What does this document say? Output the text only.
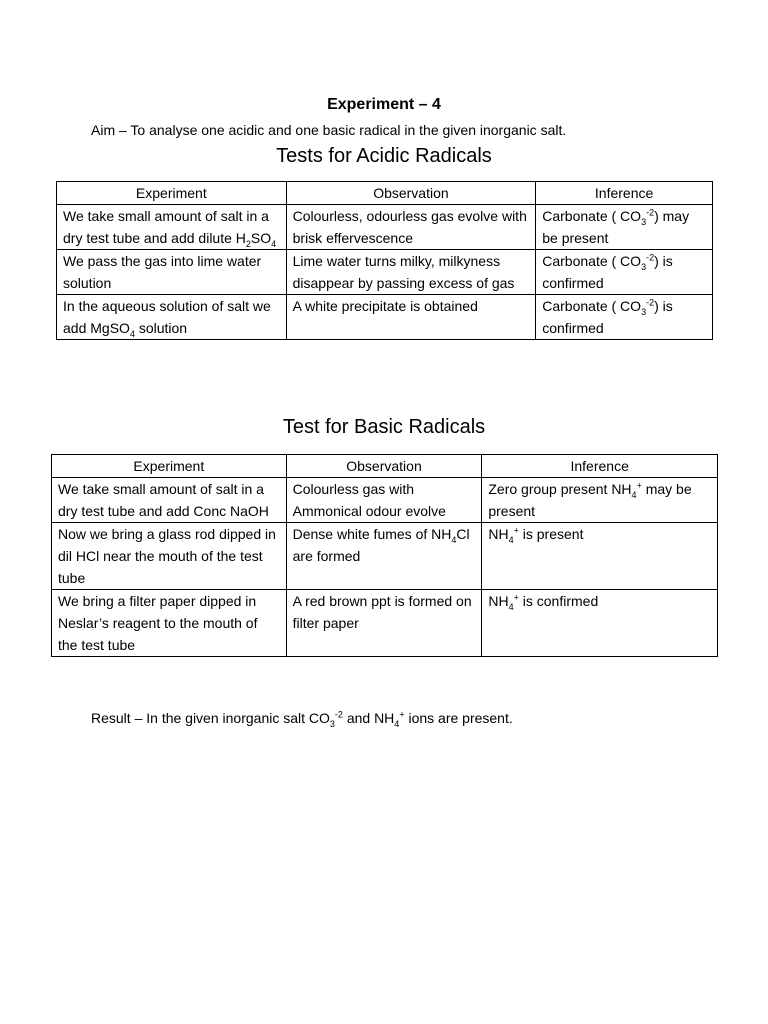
Experiment – 4
Aim – To analyse one acidic and one basic radical in the given inorganic salt.
Tests for Acidic Radicals
Experiment	Observation	Inference
We take small amount of salt in a dry test tube and add dilute $H_2SO_4$	Colourless, odourless gas evolve with brisk effervescence	Carbonate ( $CO_3^{-2}$) may be present
We pass the gas into lime water solution	Lime water turns milky, milkyness disappear by passing excess of gas	Carbonate ( $CO_3^{-2}$) is confirmed
In the aqueous solution of salt we add MgSO$_4$ solution	A white precipitate is obtained	Carbonate ( $CO_3^{-2}$) is confirmed
Test for Basic Radicals
Experiment	Observation	Inference
We take small amount of salt in a dry test tube and add Conc NaOH	Colourless gas with Ammonical odour evolve	Zero group present $NH_4^+$ may be present
Now we bring a glass rod dipped in dil HCl near the mouth of the test tube	Dense white fumes of $NH_4Cl$ are formed	$NH_4^+$ is present
We bring a filter paper dipped in Neslar’s reagent to the mouth of the test tube	A red brown ppt is formed on filter paper	$NH_4^+$ is confirmed
Result – In the given inorganic salt $CO_3^{-2}$ and $NH_4^+$ ions are present.
